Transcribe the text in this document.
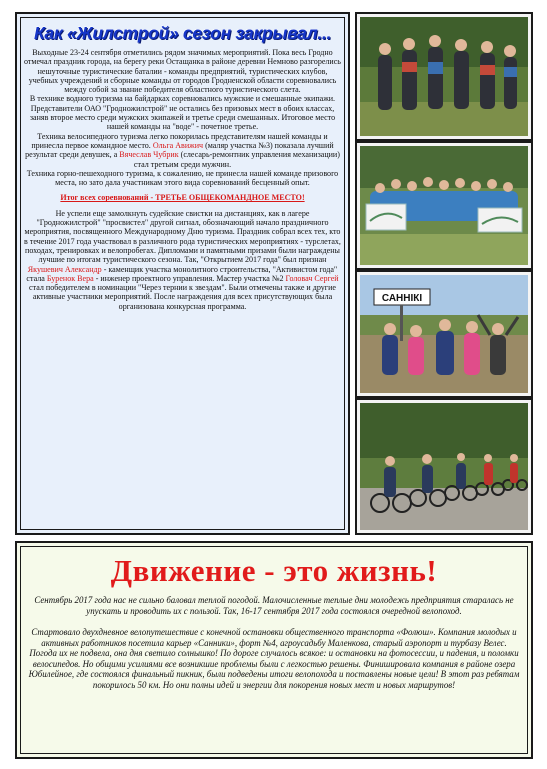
Как «Жилстрой» сезон закрывал...

Выходные 23-24 сентября отметились рядом значимых мероприятий. Пока весь Гродно отмечал праздник города, на берегу реки Остащанка в районе деревни Немново разгорелись нешуточные туристические баталии - команды предприятий, туристических клубов, учебных учреждений и сборные команды от городов Гродненской области соревновались между собой за звание победителя областного туристического слета.

В технике водного туризма на байдарках соревновались мужские и смешанные экипажи. Представители ОАО "Гродножилстрой" не остались без призовых мест в обоих классах, заняв второе место среди мужских экипажей и третье среди смешанных. Итоговое место нашей команды на "воде" - почетное третье.

Техника велосипедного туризма легко покорилась представителям нашей команды и принесла первое командное место. Ольга Авижич (маляр участка №3) показала лучший результат среди девушек, а Вячеслав Чубрик (слесарь-ремонтник управления механизации) стал третьим среди мужчин.

Техника горно-пешеходного туризма, к сожалению, не принесла нашей команде призового места, но зато дала участникам этого вида соревнований бесценный опыт.

Итог всех соревнований - ТРЕТЬЕ ОБЩЕКОМАНДНОЕ МЕСТО!

Не успели еще замолкнуть судейские свистки на дистанциях, как в лагере "Гродножилстрой" "просвистел" другой сигнал, обозначающий начало праздничного мероприятия, посвященного Международному Дню туризма. Праздник собрал всех тех, кто в течение 2017 года участвовал в различного рода туристических мероприятиях - турслетах, походах, тренировках и велопробегах. Дипломами и памятными призами были награждены лучшие по итогам туристического сезона. Так, "Открытием 2017 года" был признан Якушевич Александр - каменщик участка монолитного строительства, "Активистом года" стала Буренок Вера - инженер проектного управления. Мастер участка №2 Головач Сергей стал победителем в номинации "Через тернии к звездам". Были отмечены также и другие активные участники мероприятий. После награждения для всех присутствующих была организована конкурсная программа.

САННІКІ
Движение - это жизнь!

Сентябрь 2017 года нас не сильно баловал теплой погодой. Малочисленные теплые дни молодежь предприятия старалась не упускать и проводить их с пользой. Так, 16-17 сентября 2017 года состоялся очередной велопоход.

Стартовало двухдневное велопутешествие с конечной остановки общественного транспорта «Фолюш». Компания молодых и активных работников посетила карьер «Санники», форт №4, агроусадьбу Маленкова, старый аэропорт и турбазу Велес. Погода их не подвела, она дня светило солнышко! По дороге случалось всякое: и остановки на фотосессии, и падения, и поломки велосипедов. Но общими усилиями все возникшие проблемы были с легкостью решены. Финишировала компания в районе озера Юбилейное, где состоялся финальный пикник, были подведены итоги велопохода и поставлены новые цели! В этот раз ребятам покорилось 50 км. Но они полны идей и энергии для покорения новых мест и новых маршрутов!
